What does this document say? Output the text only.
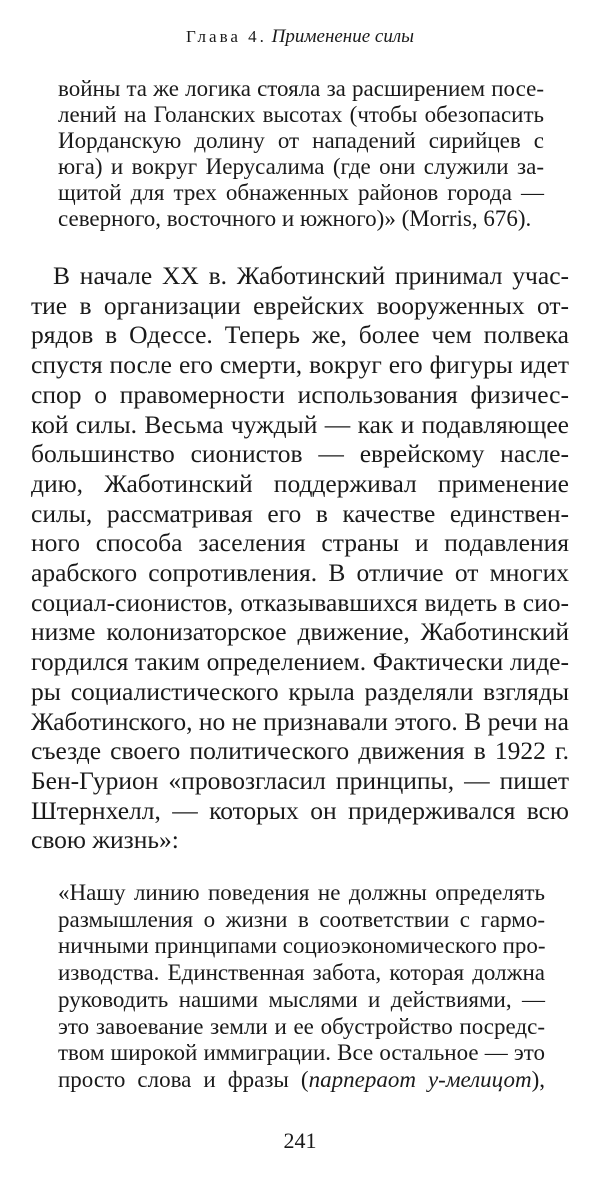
Глава 4. Применение силы
войны та же логика стояла за расширением посе-
лений на Голанских высотах (чтобы обезопасить
Иорданскую долину от нападений сирийцев с
юга) и вокруг Иерусалима (где они служили за-
щитой для трех обнаженных районов города —
северного, восточного и южного)» (Morris, 676).
В начале XX в. Жаботинский принимал учас-
тие в организации еврейских вооруженных от-
рядов в Одессе. Теперь же, более чем полвека
спустя после его смерти, вокруг его фигуры идет
спор о правомерности использования физичес-
кой силы. Весьма чуждый — как и подавляющее
большинство сионистов — еврейскому насле-
дию, Жаботинский поддерживал применение
силы, рассматривая его в качестве единствен-
ного способа заселения страны и подавления
арабского сопротивления. В отличие от многих
социал-сионистов, отказывавшихся видеть в сио-
низме колонизаторское движение, Жаботинский
гордился таким определением. Фактически лиде-
ры социалистического крыла разделяли взгляды
Жаботинского, но не признавали этого. В речи на
съезде своего политического движения в 1922 г.
Бен-Гурион «провозгласил принципы, — пишет
Штернхелл, — которых он придерживался всю
свою жизнь»:
«Нашу линию поведения не должны определять
размышления о жизни в соответствии с гармо-
ничными принципами социоэкономического про-
изводства. Единственная забота, которая должна
руководить нашими мыслями и действиями, —
это завоевание земли и ее обустройство посредс-
твом широкой иммиграции. Все остальное — это
просто слова и фразы (парпераот у-мелицот),
241
